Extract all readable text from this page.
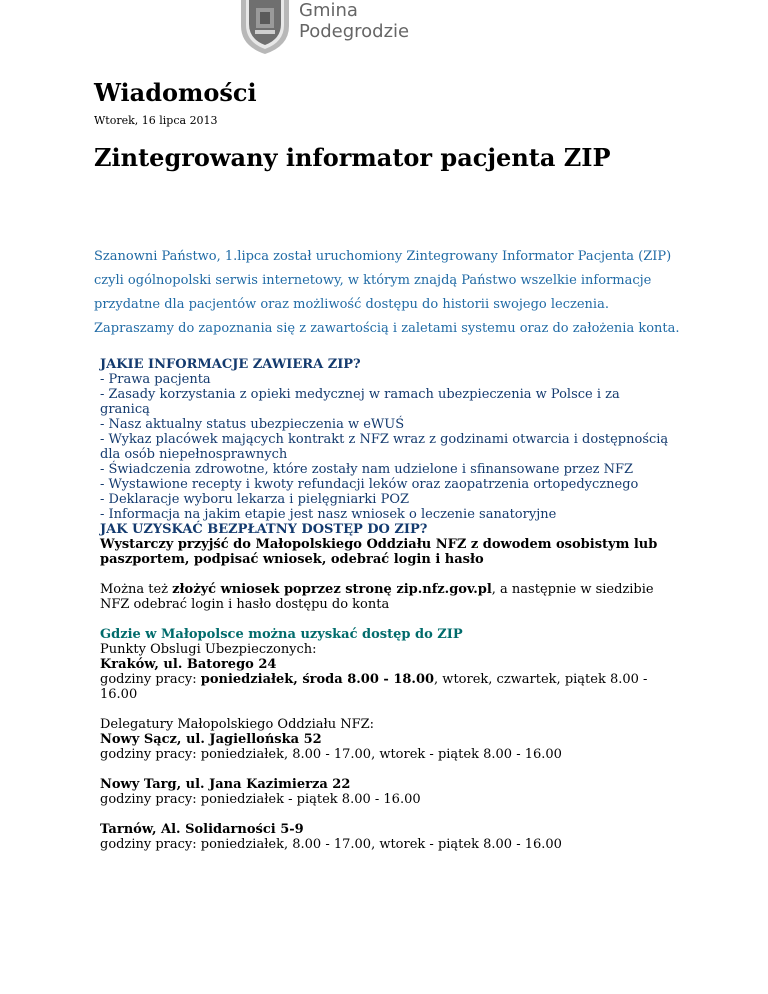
Gmina
Podegrodzie
Wiadomości
Wtorek, 16 lipca 2013
Zintegrowany informator pacjenta ZIP
Szanowni Państwo, 1.lipca został uruchomiony Zintegrowany Informator Pacjenta (ZIP) czyli ogólnopolski serwis internetowy, w którym znajdą Państwo wszelkie informacje przydatne dla pacjentów oraz możliwość dostępu do historii swojego leczenia. Zapraszamy do zapoznania się z zawartością i zaletami systemu oraz do założenia konta.
JAKIE INFORMACJE ZAWIERA ZIP?
- Prawa pacjenta
- Zasady korzystania z opieki medycznej w ramach ubezpieczenia w Polsce i za granicą
- Nasz aktualny status ubezpieczenia w eWUŚ
- Wykaz placówek mających kontrakt z NFZ wraz z godzinami otwarcia i dostępnością dla osób niepełnosprawnych
- Świadczenia zdrowotne, które zostały nam udzielone i sfinansowane przez NFZ
- Wystawione recepty i kwoty refundacji leków oraz zaopatrzenia ortopedycznego
- Deklaracje wyboru lekarza i pielęgniarki POZ
- Informacja na jakim etapie jest nasz wniosek o leczenie sanatoryjne
JAK UZYSKAĆ BEZPŁATNY DOSTĘP DO ZIP?
Wystarczy przyjść do Małopolskiego Oddziału NFZ z dowodem osobistym lub paszportem, podpisać wniosek, odebrać login i hasło
Można też złożyć wniosek poprzez stronę zip.nfz.gov.pl, a następnie w siedzibie NFZ odebrać login i hasło dostępu do konta
Gdzie w Małopolsce można uzyskać dostęp do ZIP
Punkty Obslugi Ubezpieczonych:
Kraków, ul. Batorego 24
godziny pracy: poniedziałek, środa 8.00 - 18.00, wtorek, czwartek, piątek 8.00 - 16.00
Delegatury Małopolskiego Oddziału NFZ:
Nowy Sącz, ul. Jagiellońska 52
godziny pracy: poniedziałek, 8.00 - 17.00, wtorek - piątek 8.00 - 16.00
Nowy Targ, ul. Jana Kazimierza 22
godziny pracy: poniedziałek - piątek 8.00 - 16.00
Tarnów, Al. Solidarności 5-9
godziny pracy: poniedziałek, 8.00 - 17.00, wtorek - piątek 8.00 - 16.00
